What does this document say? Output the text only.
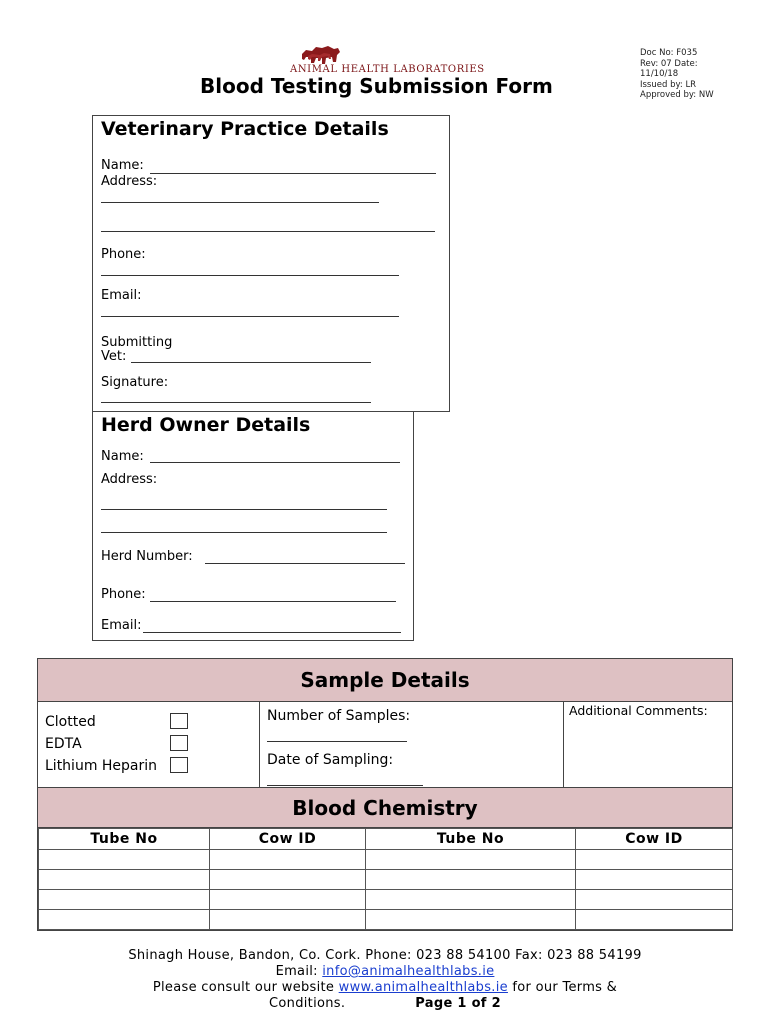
ANIMAL HEALTH LABORATORIES
Blood Testing Submission Form
Doc No: F035
Rev: 07 Date:
11/10/18
Issued by: LR
Approved by: NW
Veterinary Practice Details
Name:
Address:
Phone:
Email:
Submitting
Vet:
Signature:
Herd Owner Details
Name:
Address:
Herd Number:
Phone:
Email:
Sample Details
Clotted
EDTA
Lithium Heparin
Number of Samples:
Date of Sampling:
Additional Comments:
Blood Chemistry
Tube No	Cow ID	Tube No	Cow ID

Shinagh House, Bandon, Co. Cork. Phone: 023 88 54100 Fax: 023 88 54199
Email: info@animalhealthlabs.ie
Please consult our website www.animalhealthlabs.ie for our Terms &
Conditions.	Page 1 of 2
